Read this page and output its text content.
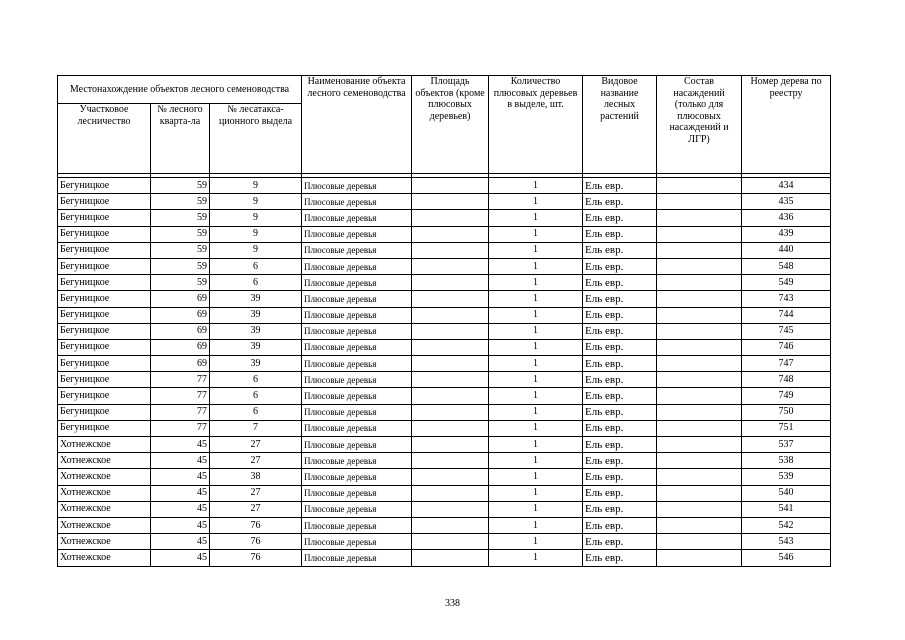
Местонахождение объектов лесного семеноводства			Наименование объекта лесного семеноводства	Площадь объектов (кроме плюсовых деревьев)	Количество плюсовых деревьев в выделе, шт.	Видовое название лесных растений	Состав насаждений (только для плюсовых насаждений и ЛГР)	Номер дерева по реестру
Участковое лесничество	№ лесного кварта-ла	№ лесатакса-ционного выдела						

Бегуницкое	59	9	Плюсовые деревья		1	Ель евр.		434
Бегуницкое	59	9	Плюсовые деревья		1	Ель евр.		435
Бегуницкое	59	9	Плюсовые деревья		1	Ель евр.		436
Бегуницкое	59	9	Плюсовые деревья		1	Ель евр.		439
Бегуницкое	59	9	Плюсовые деревья		1	Ель евр.		440
Бегуницкое	59	6	Плюсовые деревья		1	Ель евр.		548
Бегуницкое	59	6	Плюсовые деревья		1	Ель евр.		549
Бегуницкое	69	39	Плюсовые деревья		1	Ель евр.		743
Бегуницкое	69	39	Плюсовые деревья		1	Ель евр.		744
Бегуницкое	69	39	Плюсовые деревья		1	Ель евр.		745
Бегуницкое	69	39	Плюсовые деревья		1	Ель евр.		746
Бегуницкое	69	39	Плюсовые деревья		1	Ель евр.		747
Бегуницкое	77	6	Плюсовые деревья		1	Ель евр.		748
Бегуницкое	77	6	Плюсовые деревья		1	Ель евр.		749
Бегуницкое	77	6	Плюсовые деревья		1	Ель евр.		750
Бегуницкое	77	7	Плюсовые деревья		1	Ель евр.		751
Хотнежское	45	27	Плюсовые деревья		1	Ель евр.		537
Хотнежское	45	27	Плюсовые деревья		1	Ель евр.		538
Хотнежское	45	38	Плюсовые деревья		1	Ель евр.		539
Хотнежское	45	27	Плюсовые деревья		1	Ель евр.		540
Хотнежское	45	27	Плюсовые деревья		1	Ель евр.		541
Хотнежское	45	76	Плюсовые деревья		1	Ель евр.		542
Хотнежское	45	76	Плюсовые деревья		1	Ель евр.		543
Хотнежское	45	76	Плюсовые деревья		1	Ель евр.		546
338
